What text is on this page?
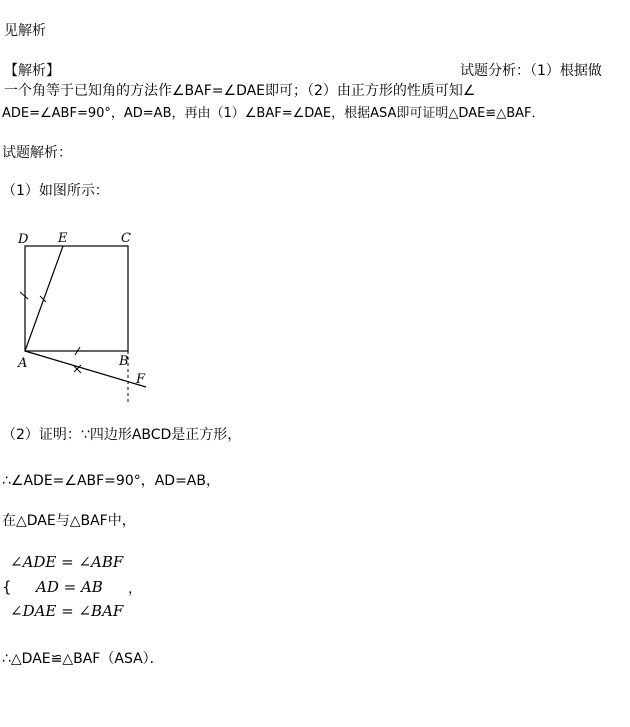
见解析
【解析】	试题分析：（1）根据做
一个角等于已知角的方法作∠BAF=∠DAE即可；（2）由正方形的性质可知∠
ADE=∠ABF=90°，AD=AB，再由（1）∠BAF=∠DAE，根据ASA即可证明△DAE≌△BAF．
试题解析：
（1）如图所示：
D E	C
A	B
F
（2）证明：∵四边形ABCD是正方形，
∴∠ADE=∠ABF=90°，AD=AB，
在△DAE与△BAF中，
∠ADE = ∠ABF
{ AD = AB ，
∠DAE = ∠BAF
∴△DAE≌△BAF（ASA）．
